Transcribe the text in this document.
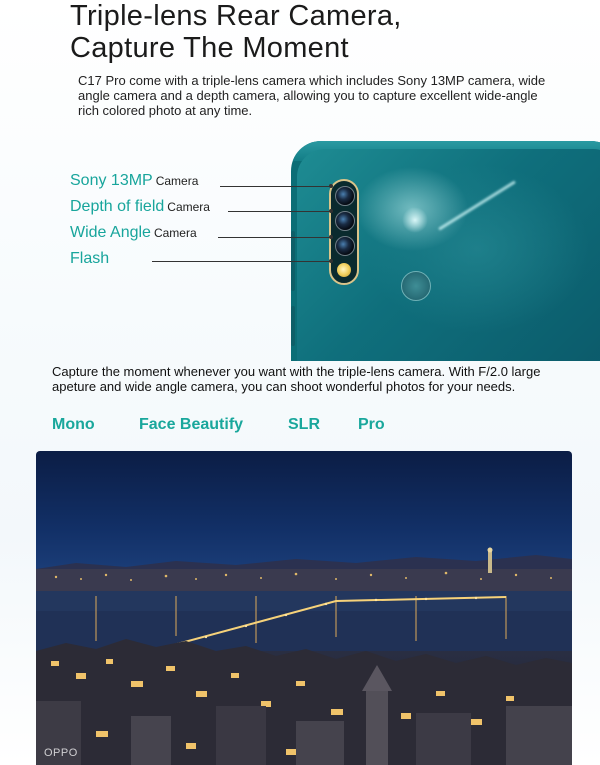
Triple-lens Rear Camera,
Capture The Moment

C17 Pro come with a triple-lens camera which includes Sony 13MP camera, wide angle camera and a depth camera, allowing you to capture excellent wide-angle rich colored photo at any time.

Sony 13MP Camera
Depth of field Camera
Wide Angle Camera
Flash

Capture the moment whenever you want with the triple-lens camera. With F/2.0 large apeture and wide angle camera, you can shoot wonderful photos for your needs.

Mono	Face Beautify	SLR Pro
OPPO
